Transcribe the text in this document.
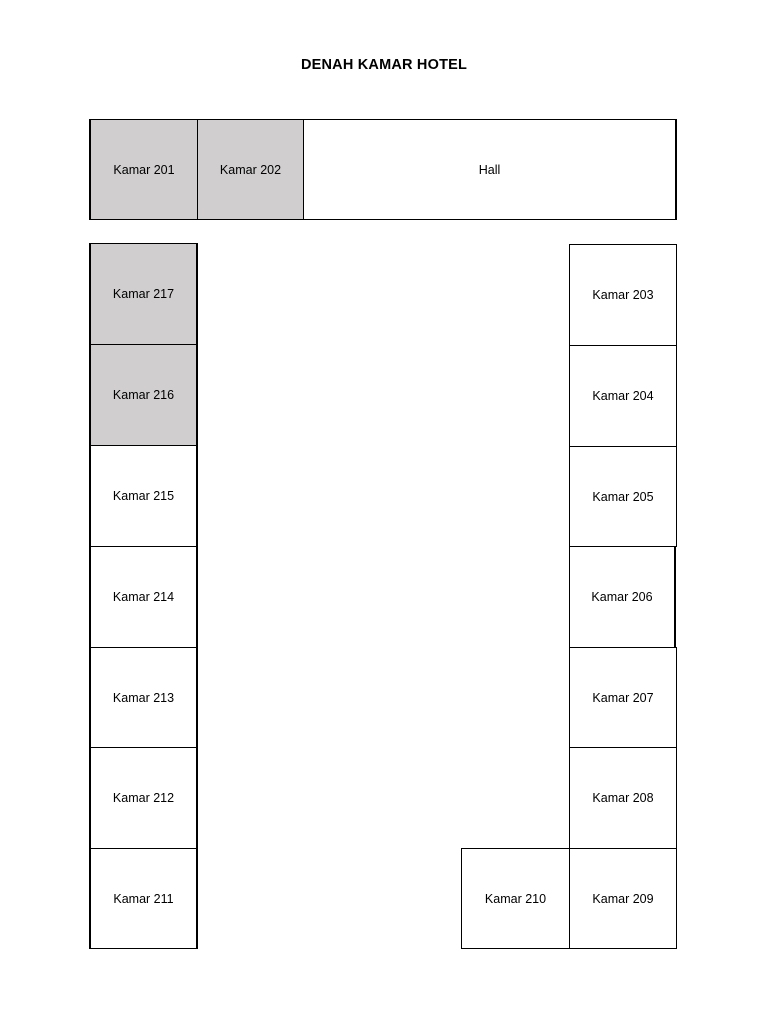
DENAH KAMAR HOTEL
Kamar 201	Kamar 202	Hall
Kamar 217
Kamar 216
Kamar 215
Kamar 214
Kamar 213
Kamar 212
Kamar 211
Kamar 203
Kamar 204
Kamar 205
Kamar 206
Kamar 207
Kamar 208
Kamar 209
Kamar 210
